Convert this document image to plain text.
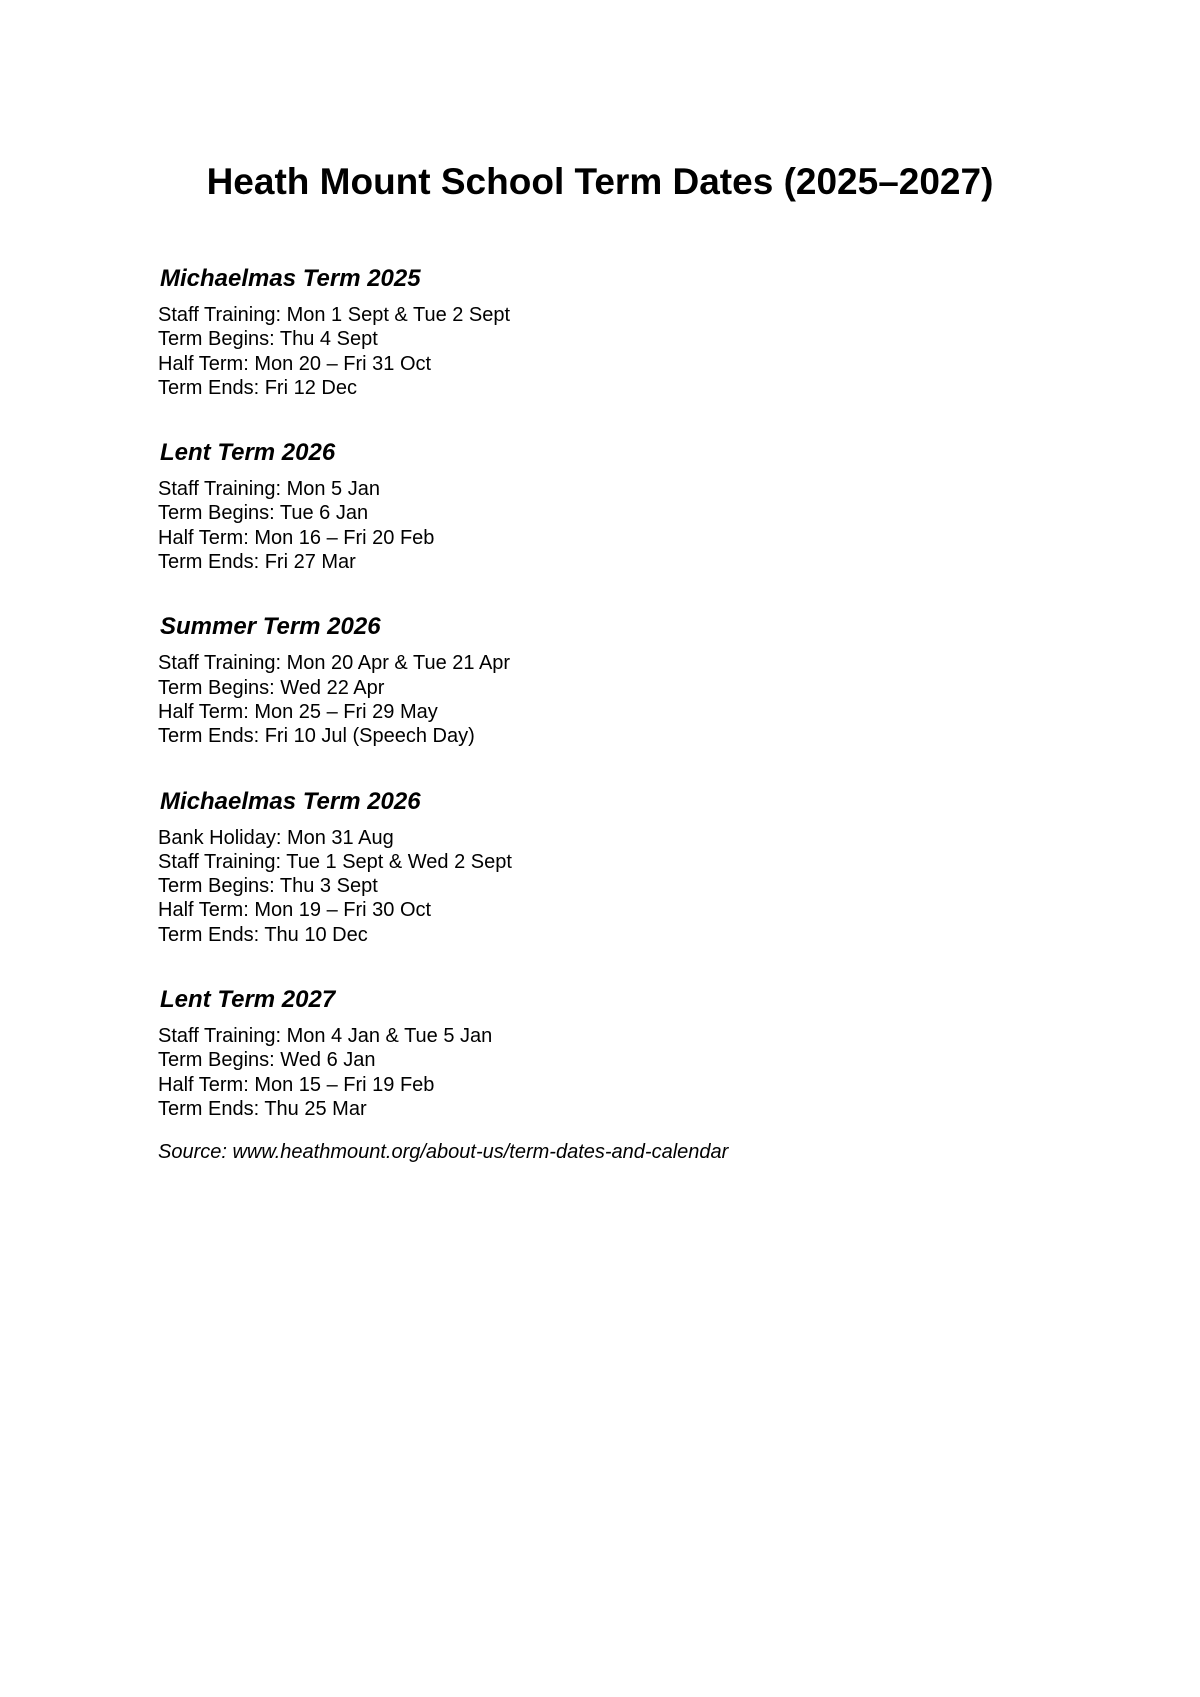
Heath Mount School Term Dates (2025–2027)
Michaelmas Term 2025
Staff Training: Mon 1 Sept & Tue 2 Sept
Term Begins: Thu 4 Sept
Half Term: Mon 20 – Fri 31 Oct
Term Ends: Fri 12 Dec
Lent Term 2026
Staff Training: Mon 5 Jan
Term Begins: Tue 6 Jan
Half Term: Mon 16 – Fri 20 Feb
Term Ends: Fri 27 Mar
Summer Term 2026
Staff Training: Mon 20 Apr & Tue 21 Apr
Term Begins: Wed 22 Apr
Half Term: Mon 25 – Fri 29 May
Term Ends: Fri 10 Jul (Speech Day)
Michaelmas Term 2026
Bank Holiday: Mon 31 Aug
Staff Training: Tue 1 Sept & Wed 2 Sept
Term Begins: Thu 3 Sept
Half Term: Mon 19 – Fri 30 Oct
Term Ends: Thu 10 Dec
Lent Term 2027
Staff Training: Mon 4 Jan & Tue 5 Jan
Term Begins: Wed 6 Jan
Half Term: Mon 15 – Fri 19 Feb
Term Ends: Thu 25 Mar

Source: www.heathmount.org/about-us/term-dates-and-calendar
